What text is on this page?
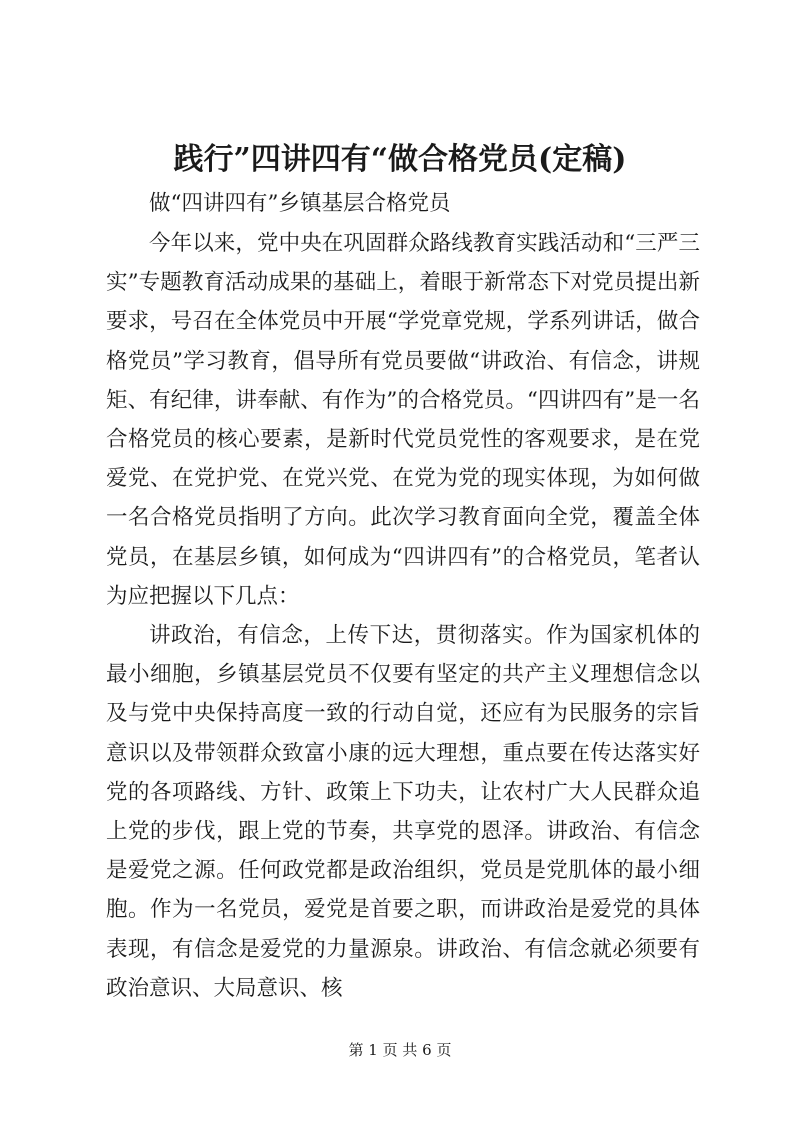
践行”四讲四有“做合格党员(定稿)

做“四讲四有”乡镇基层合格党员

今年以来，党中央在巩固群众路线教育实践活动和“三严三实”专题教育活动成果的基础上，着眼于新常态下对党员提出新要求，号召在全体党员中开展“学党章党规，学系列讲话，做合格党员”学习教育，倡导所有党员要做“讲政治、有信念，讲规矩、有纪律，讲奉献、有作为”的合格党员。“四讲四有”是一名合格党员的核心要素，是新时代党员党性的客观要求，是在党爱党、在党护党、在党兴党、在党为党的现实体现，为如何做一名合格党员指明了方向。此次学习教育面向全党，覆盖全体党员，在基层乡镇，如何成为“四讲四有”的合格党员，笔者认为应把握以下几点：

讲政治，有信念，上传下达，贯彻落实。作为国家机体的最小细胞，乡镇基层党员不仅要有坚定的共产主义理想信念以及与党中央保持高度一致的行动自觉，还应有为民服务的宗旨意识以及带领群众致富小康的远大理想，重点要在传达落实好党的各项路线、方针、政策上下功夫，让农村广大人民群众追上党的步伐，跟上党的节奏，共享党的恩泽。讲政治、有信念是爱党之源。任何政党都是政治组织，党员是党肌体的最小细胞。作为一名党员，爱党是首要之职，而讲政治是爱党的具体表现，有信念是爱党的力量源泉。讲政治、有信念就必须要有政治意识、大局意识、核

第 1 页 共 6 页
